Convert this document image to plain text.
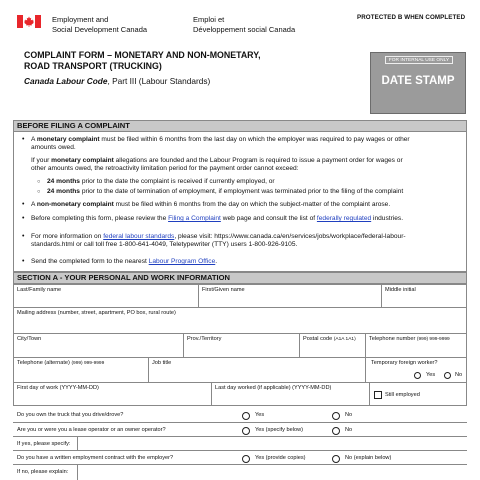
Employment and
Social Development Canada
Emploi et
Développement social Canada
PROTECTED B WHEN COMPLETED
COMPLAINT FORM – MONETARY AND NON-MONETARY,
ROAD TRANSPORT (TRUCKING)
Canada Labour Code, Part III (Labour Standards)
FOR INTERNAL USE ONLY
DATE STAMP
BEFORE FILING A COMPLAINT
• A monetary complaint must be filed within 6 months from the last day on which the employer was required to pay wages or other
amounts owed.
If your monetary complaint allegations are founded and the Labour Program is required to issue a payment order for wages or
other amounts owed, the retroactivity limitation period for the payment order cannot exceed:
○ 24 months prior to the date the complaint is received if currently employed, or
○ 24 months prior to the date of termination of employment, if employment was terminated prior to the filing of the complaint
• A non-monetary complaint must be filed within 6 months from the day on which the subject-matter of the complaint arose.
• Before completing this form, please review the Filing a Complaint web page and consult the list of federally regulated industries.
• For more information on federal labour standards, please visit: https://www.canada.ca/en/services/jobs/workplace/federal-labour-
standards.html or call toll free 1-800-641-4049, Teletypewriter (TTY) users 1-800-926-9105.
• Send the completed form to the nearest Labour Program Office.
SECTION A - YOUR PERSONAL AND WORK INFORMATION
Last/Family name	First/Given name	Middle initial
Mailing address (number, street, apartment, PO box, rural route)
City/Town	Prov./Territory	Postal code (A1A 1A1)	Telephone number (999) 999-9999
Telephone (alternate) (999) 999-9999	Job title	Temporary foreign worker?
Yes	No
First day of work (YYYY-MM-DD)	Last day worked (if applicable) (YYYY-MM-DD)
Still employed
Do you own the truck that you drive/drove?	Yes	No
Are you or were you a lease operator or an owner operator?	Yes (specify below)	No
If yes, please specify:
Do you have a written employment contract with the employer?	Yes (provide copies)	No (explain below)
If no, please explain:
